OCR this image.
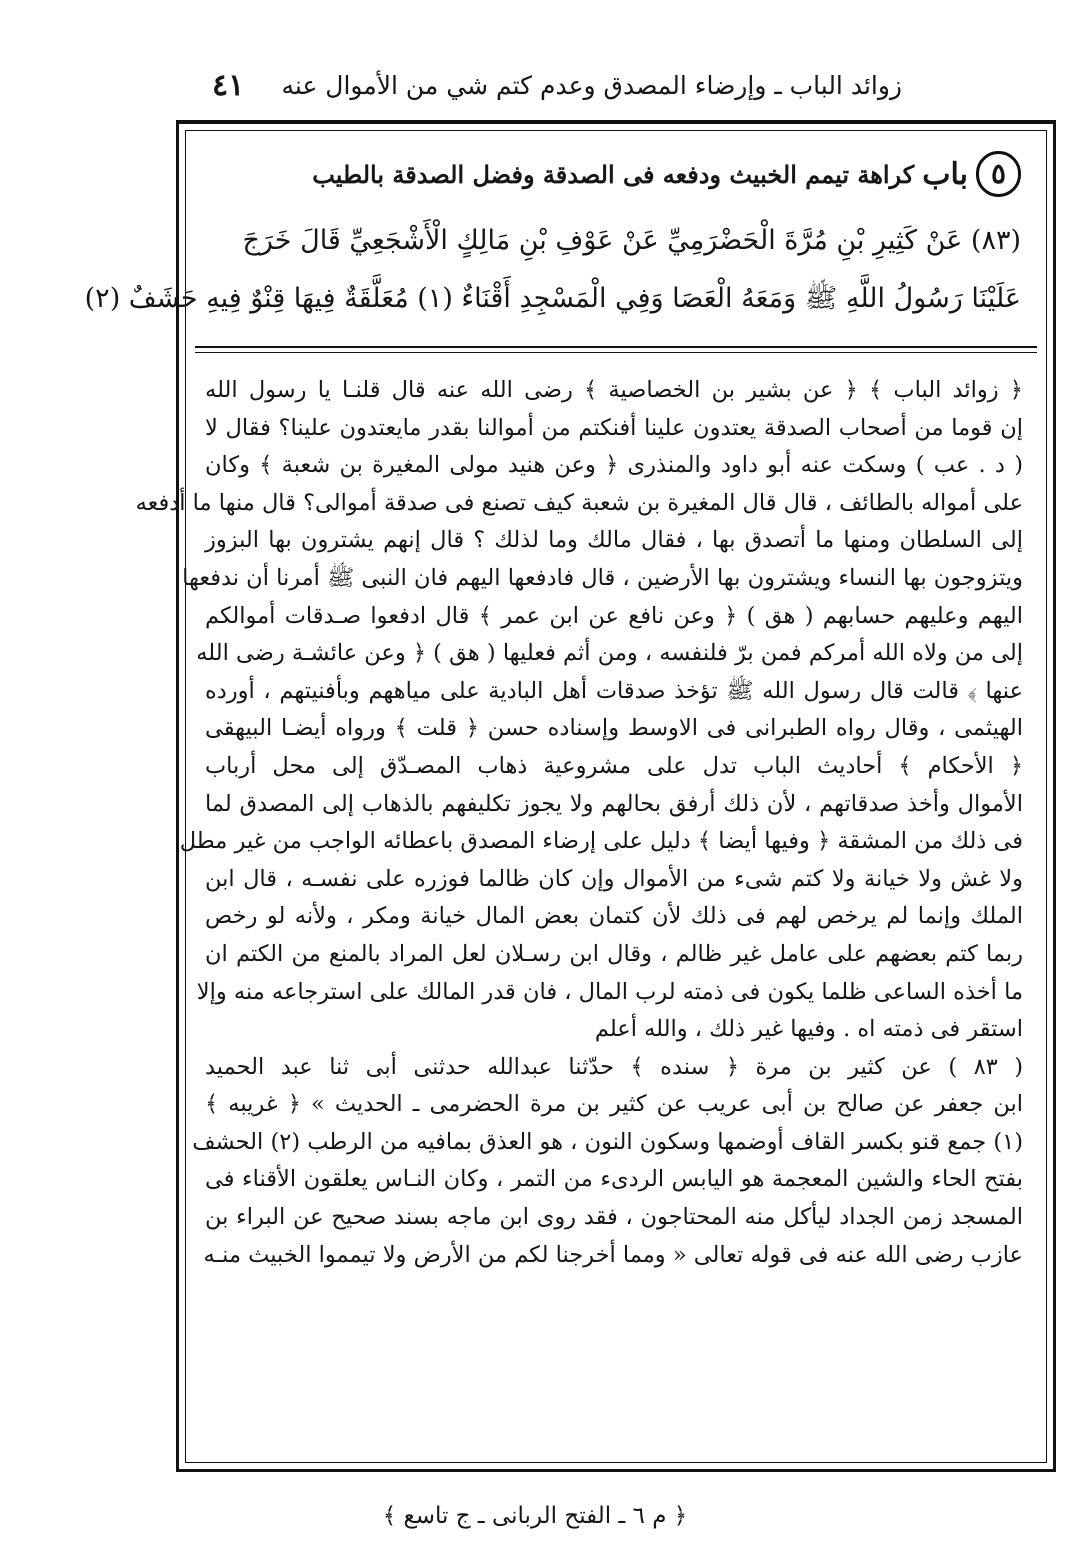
زوائد الباب ـ وإرضاء المصدق وعدم كتم شي من الأموال عنه
٤١
٥
باب
كراهة تيمم الخبيث ودفعه فى الصدقة وفضل الصدقة بالطيب
(٨٣) عَنْ كَثِيرِ بْنِ مُرَّةَ الْحَضْرَمِيِّ عَنْ عَوْفِ بْنِ مَالِكٍ الْأَشْجَعِيِّ قَالَ خَرَجَ
عَلَيْنَا رَسُولُ اللَّهِ ﷺ وَمَعَهُ الْعَصَا وَفِي الْمَسْجِدِ أَقْنَاءٌ (١) مُعَلَّقَةٌ فِيهَا قِنْوٌ فِيهِ حَشَفٌ (٢)
﴿ زوائد الباب ﴾ ﴿ عن بشير بن الخصاصية ﴾ رضى الله عنه قال قلنـا يا رسول الله
إن قوما من أصحاب الصدقة يعتدون علينا أفنكتم من أموالنا بقدر مايعتدون علينا؟ فقال لا
( د . عب ) وسكت عنه أبو داود والمنذرى ﴿ وعن هنيد مولى المغيرة بن شعبة ﴾ وكان
على أمواله بالطائف ، قال قال المغيرة بن شعبة كيف تصنع فى صدقة أموالى؟ قال منها ما أدفعه
إلى السلطان ومنها ما أتصدق بها ، فقال مالك وما لذلك ؟ قال إنهم يشترون بها البزوز
ويتزوجون بها النساء ويشترون بها الأرضين ، قال فادفعها اليهم فان النبى ﷺ أمرنا أن ندفعها
اليهم وعليهم حسابهم ( هق ) ﴿ وعن نافع عن ابن عمر ﴾ قال ادفعوا صـدقات أموالكم
إلى من ولاه الله أمركم فمن برّ فلنفسه ، ومن أثم فعليها ( هق ) ﴿ وعن عائشـة رضى الله
عنها ﴾ قالت قال رسول الله ﷺ تؤخذ صدقات أهل البادية على مياههم وبأفنيتهم ، أورده
الهيثمى ، وقال رواه الطبرانى فى الاوسط وإسناده حسن ﴿ قلت ﴾ ورواه أيضـا البيهقى
﴿ الأحكام ﴾ أحاديث الباب تدل على مشروعية ذهاب المصـدّق إلى محل أرباب
الأموال وأخذ صدقاتهم ، لأن ذلك أرفق بحالهم ولا يجوز تكليفهم بالذهاب إلى المصدق لما
فى ذلك من المشقة ﴿ وفيها أيضا ﴾ دليل على إرضاء المصدق باعطائه الواجب من غير مطل
ولا غش ولا خيانة ولا كتم شىء من الأموال وإن كان ظالما فوزره على نفسـه ، قال ابن
الملك وإنما لم يرخص لهم فى ذلك لأن كتمان بعض المال خيانة ومكر ، ولأنه لو رخص
ربما كتم بعضهم على عامل غير ظالم ، وقال ابن رسـلان لعل المراد بالمنع من الكتم ان
ما أخذه الساعى ظلما يكون فى ذمته لرب المال ، فان قدر المالك على استرجاعه منه وإلا
استقر فى ذمته اه . وفيها غير ذلك ، والله أعلم
( ٨٣ ) عن كثير بن مرة ﴿ سنده ﴾ حدّثنا عبدالله حدثنى أبى ثنا عبد الحميد
ابن جعفر عن صالح بن أبى عريب عن كثير بن مرة الحضرمى ـ الحديث » ﴿ غريبه ﴾
(١) جمع قنو بكسر القاف أوضمها وسكون النون ، هو العذق بمافيه من الرطب (٢) الحشف
بفتح الحاء والشين المعجمة هو اليابس الردىء من التمر ، وكان النـاس يعلقون الأقناء فى
المسجد زمن الجداد ليأكل منه المحتاجون ، فقد روى ابن ماجه بسند صحيح عن البراء بن
عازب رضى الله عنه فى قوله تعالى « ومما أخرجنا لكم من الأرض ولا تيمموا الخبيث منـه
﴿ م ٦ ـ الفتح الربانى ـ ج تاسع ﴾
